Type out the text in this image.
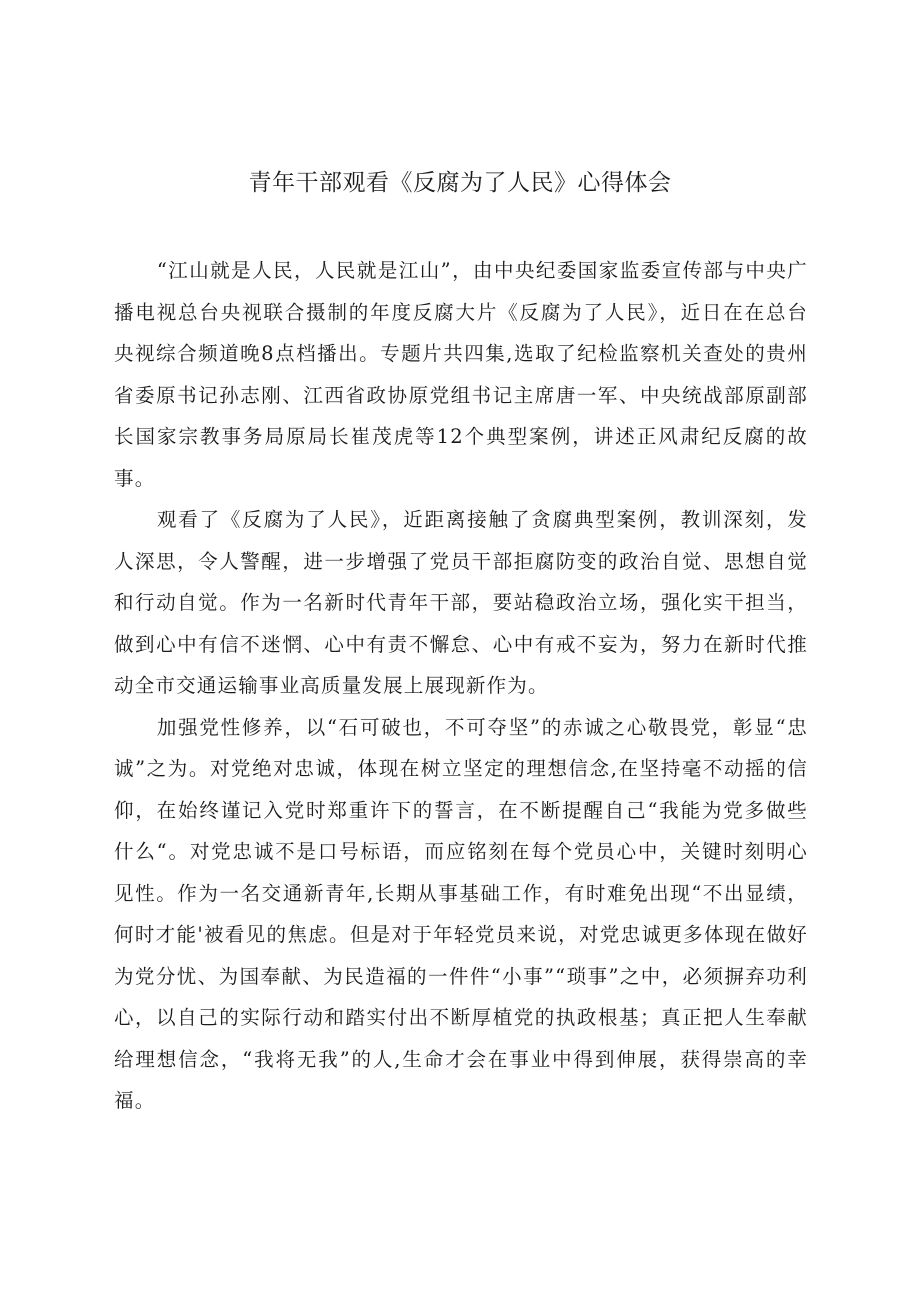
青年干部观看《反腐为了人民》心得体会

“江山就是人民，人民就是江山”，由中央纪委国家监委宣传部与中央广播电视总台央视联合摄制的年度反腐大片《反腐为了人民》，近日在在总台央视综合频道晚8点档播出。专题片共四集,选取了纪检监察机关查处的贵州省委原书记孙志刚、江西省政协原党组书记主席唐一军、中央统战部原副部长国家宗教事务局原局长崔茂虎等12个典型案例，讲述正风肃纪反腐的故事。

观看了《反腐为了人民》，近距离接触了贪腐典型案例，教训深刻，发人深思，令人警醒，进一步增强了党员干部拒腐防变的政治自觉、思想自觉和行动自觉。作为一名新时代青年干部，要站稳政治立场，强化实干担当，做到心中有信不迷惘、心中有责不懈怠、心中有戒不妄为，努力在新时代推动全市交通运输事业高质量发展上展现新作为。

加强党性修养，以“石可破也，不可夺坚”的赤诚之心敬畏党，彰显“忠诚”之为。对党绝对忠诚，体现在树立坚定的理想信念,在坚持毫不动摇的信仰，在始终谨记入党时郑重许下的誓言，在不断提醒自己“我能为党多做些什么“。对党忠诚不是口号标语，而应铭刻在每个党员心中，关键时刻明心见性。作为一名交通新青年,长期从事基础工作，有时难免出现“不出显绩，何时才能'被看见的焦虑。但是对于年轻党员来说，对党忠诚更多体现在做好为党分忧、为国奉献、为民造福的一件件“小事”“琐事”之中，必须摒弃功利心，以自己的实际行动和踏实付出不断厚植党的执政根基；真正把人生奉献给理想信念，“我将无我”的人,生命才会在事业中得到伸展，获得崇高的幸福。
